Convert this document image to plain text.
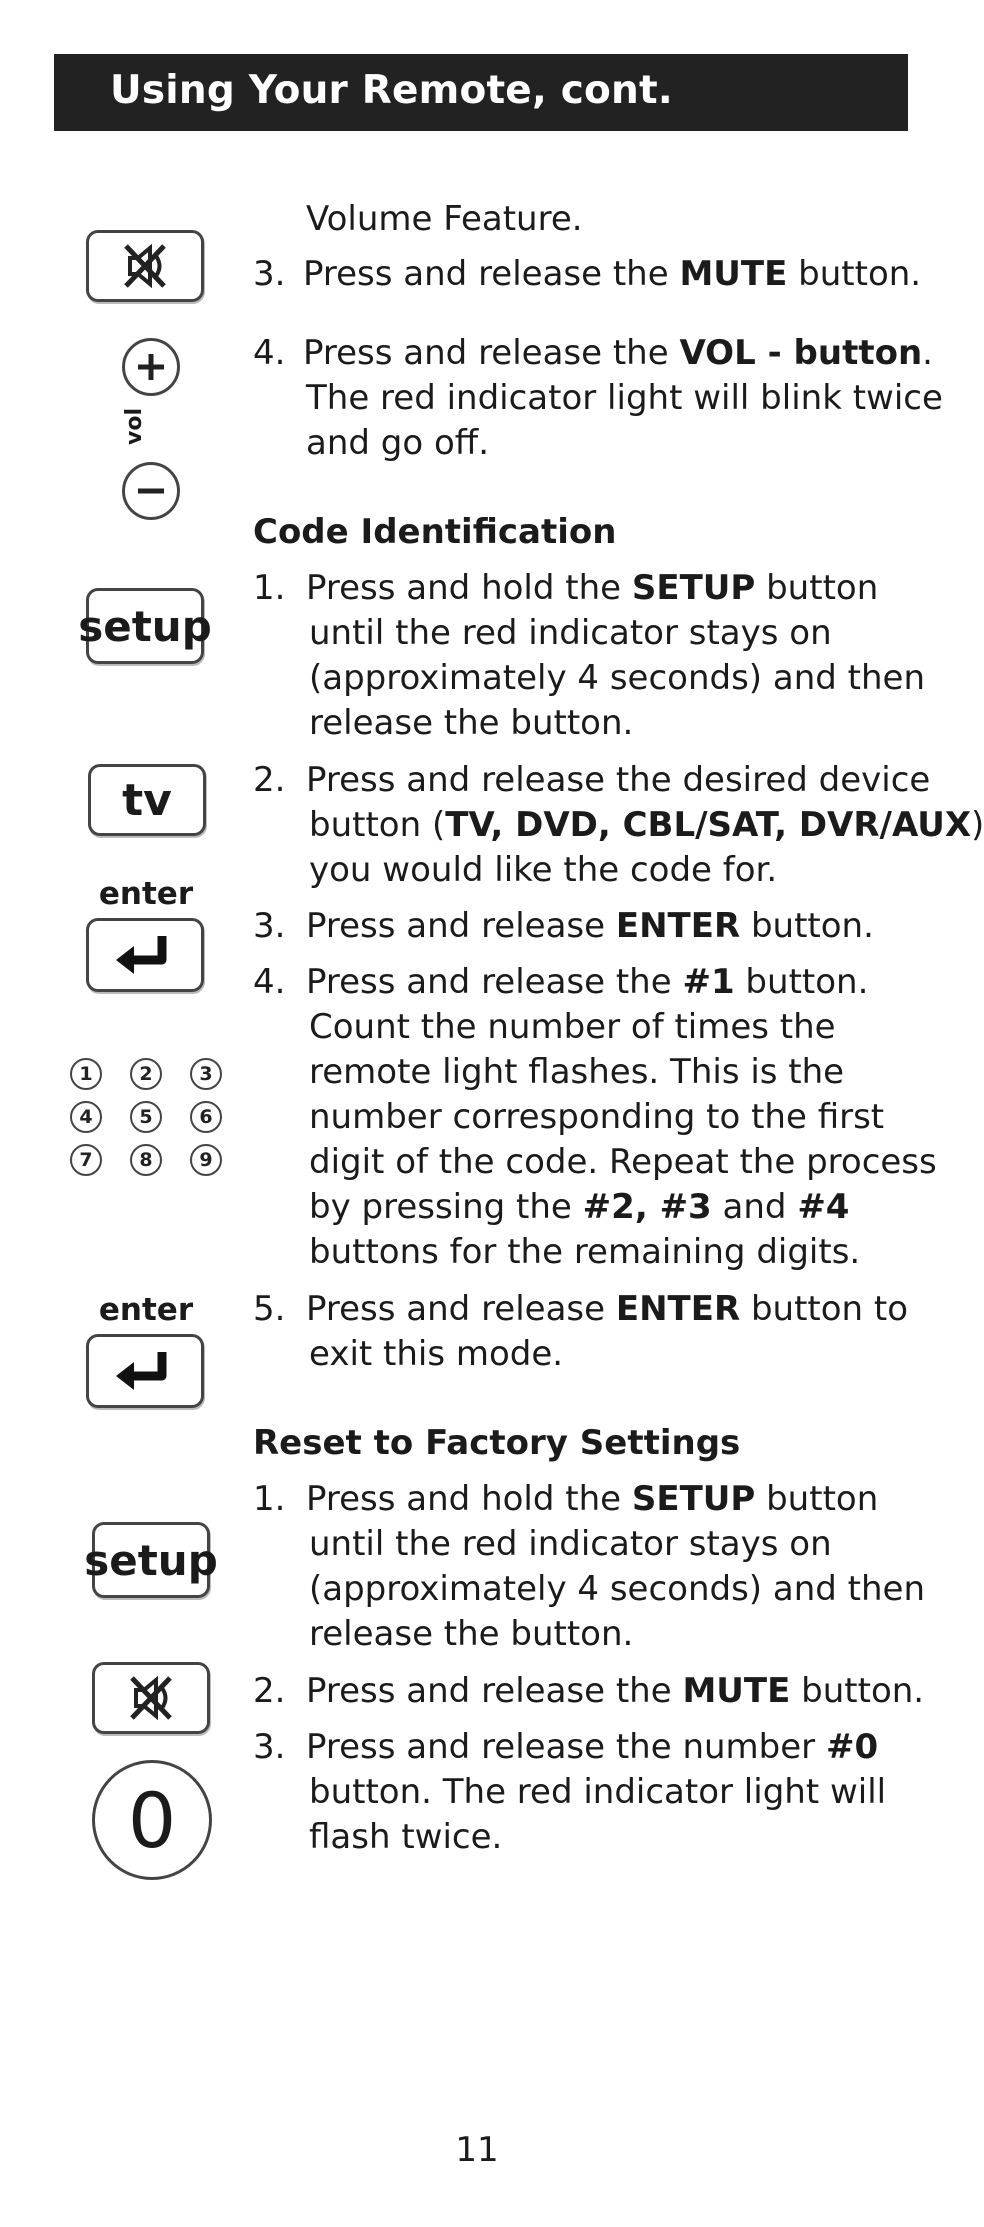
Using Your Remote, cont.
vol
setup
tv
enter
1	2	3
4	5	6
7	8	9
enter
setup
0
Volume Feature.
3. Press and release the MUTE button.
4. Press and release the VOL - button.
The red indicator light will blink twice
and go off.
Code Identification
1. Press and hold the SETUP button
until the red indicator stays on
(approximately 4 seconds) and then
release the button.
2. Press and release the desired device
button (TV, DVD, CBL/SAT, DVR/AUX)
you would like the code for.
3. Press and release ENTER button.
4. Press and release the #1 button.
Count the number of times the
remote light flashes. This is the
number corresponding to the first
digit of the code. Repeat the process
by pressing the #2, #3 and #4
buttons for the remaining digits.
5. Press and release ENTER button to
exit this mode.
Reset to Factory Settings
1. Press and hold the SETUP button
until the red indicator stays on
(approximately 4 seconds) and then
release the button.
2. Press and release the MUTE button.
3. Press and release the number #0
button. The red indicator light will
flash twice.
11
